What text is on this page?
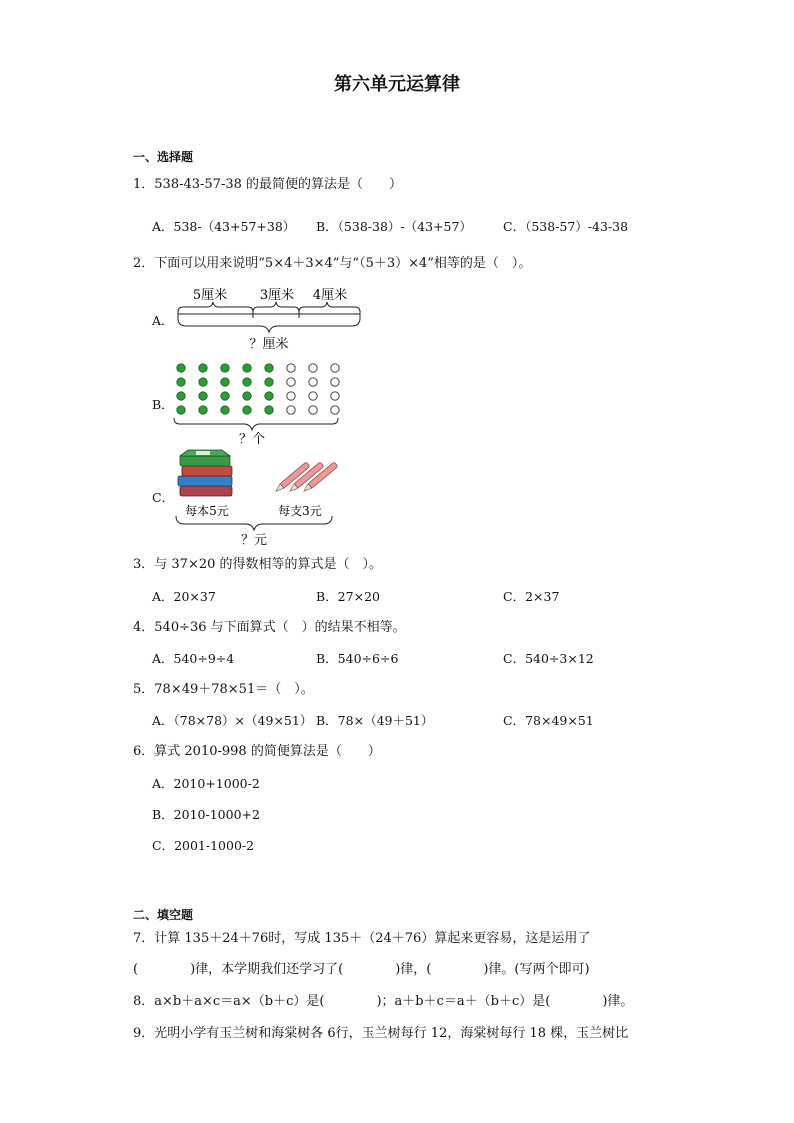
第六单元运算律
一、选择题
1．538-43-57-38 的最简便的算法是（　　）
A．538-（43+57+38） B．（538-38）-（43+57） C．（538-57）-43-38
2．下面可以用来说明“5×4＋3×4”与“（5＋3）×4”相等的是（　）。
A．
5厘米	3厘米 4厘米
？厘米
B．
？个
C．
每本5元	每支3元
？元
3．与 37×20 的得数相等的算式是（　）。
A．20×37	B．27×20	C．2×37
4．540÷36 与下面算式（　）的结果不相等。
A．540÷9÷4	B．540÷6÷6	C．540÷3×12
5．78×49＋78×51＝（　）。
A．（78×78）×（49×51） B．78×（49＋51）	C．78×49×51
6．算式 2010-998 的简便算法是（　　）
A．2010+1000-2
B．2010-1000+2
C．2001-1000-2
二、填空题
7．计算 135＋24＋76时，写成 135＋（24＋76）算起来更容易，这是运用了
(　　　　)律，本学期我们还学习了(　　　　)律，(　　　　)律。(写两个即可)
8．a×b＋a×c＝a×（b＋c）是(　　　　)；a＋b＋c＝a＋（b＋c）是(　　　　)律。
9．光明小学有玉兰树和海棠树各 6行，玉兰树每行 12，海棠树每行 18 棵，玉兰树比
